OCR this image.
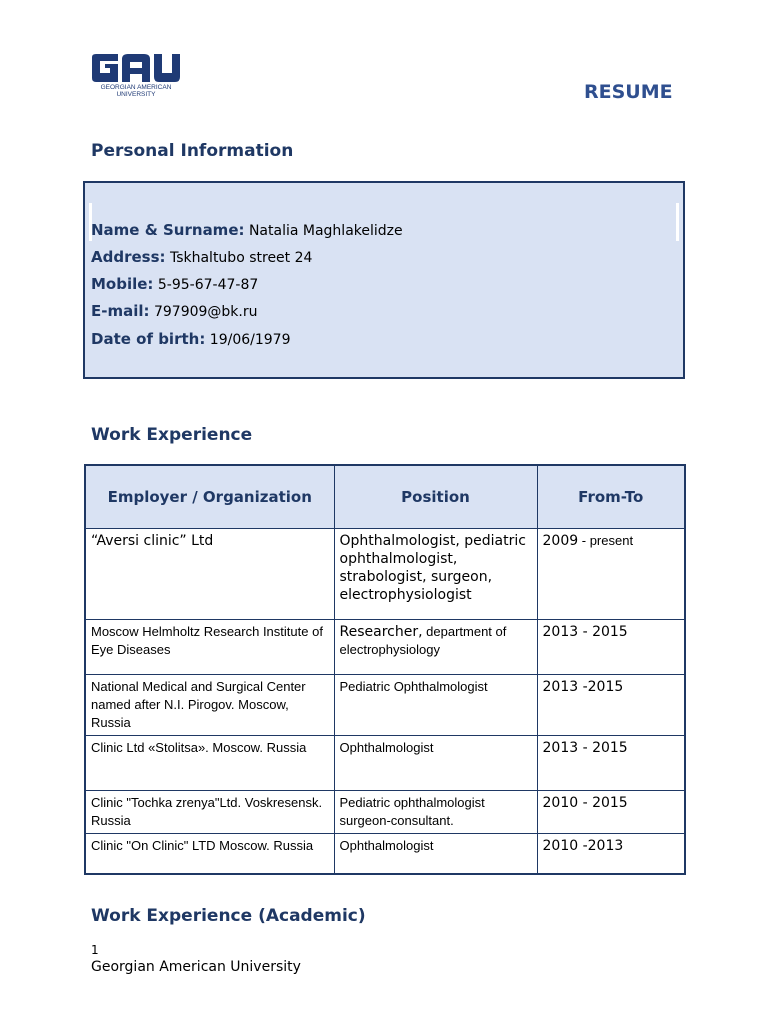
GEORGIAN AMERICAN
UNIVERSITY	RESUME
Personal Information
Name & Surname: Natalia Maghlakelidze
Address: Tskhaltubo street 24
Mobile: 5-95-67-47-87
E-mail: 797909@bk.ru
Date of birth: 19/06/1979
Work Experience
Employer / Organization	Position	From-To
“Aversi clinic” Ltd	Ophthalmologist, pediatric ophthalmologist, strabologist, surgeon, electrophysiologist	2009 - present
Moscow Helmholtz Research Institute of Eye Diseases	Researcher, department of electrophysiology	2013 - 2015
National Medical and Surgical Center named after N.I. Pirogov. Moscow, Russia	Pediatric Ophthalmologist	2013 -2015
Clinic Ltd «Stolitsa». Moscow. Russia	Ophthalmologist	2013 - 2015
Clinic "Tochka zrenya"Ltd. Voskresensk. Russia	Pediatric ophthalmologist surgeon-consultant.	2010 - 2015
Clinic "On Clinic" LTD Moscow. Russia	Ophthalmologist	2010 -2013
Work Experience (Academic)
1
Georgian American University
